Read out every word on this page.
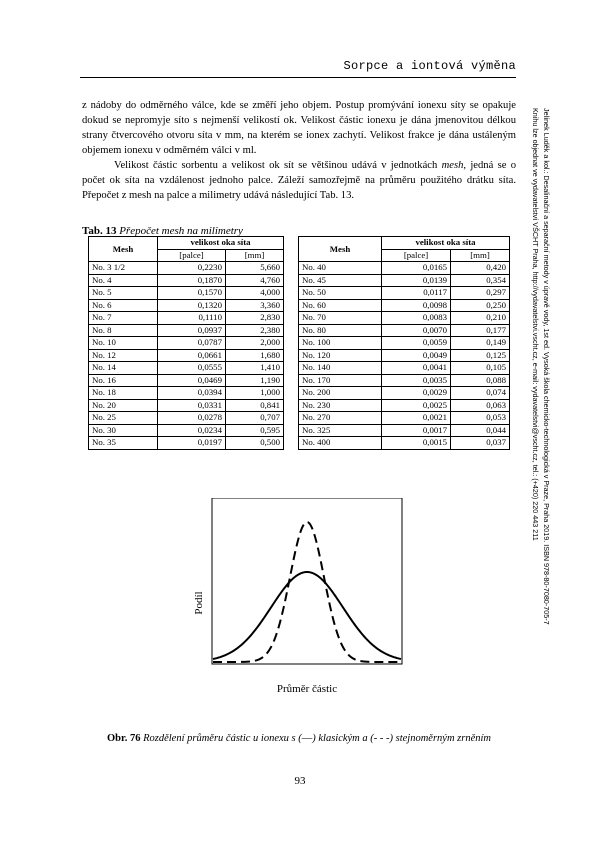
Sorpce a iontová výměna
Jelínek Luděk a kol.: Desalinační a separační metody v úpravě vody, 1st ed. Vysoká škola chemicko-technologická v Praze, Praha 2019. ISBN 978-80-7080-705-7
Knihu lze objednat ve vydavatelství VŠCHT Praha, http://vydavatelstvi.vscht.cz, e-mail: vydavatelstvi@vscht.cz, tel.: (+420) 220 443 211

z nádoby do odměrného válce, kde se změří jeho objem. Postup promývání ionexu síty se opakuje dokud se nepromyje síto s nejmenší velikostí ok. Velikost částic ionexu je dána jmenovitou délkou strany čtvercového otvoru síta v mm, na kterém se ionex zachytí. Velikost frakce je dána ustáleným objemem ionexu v odměrném válci v ml.

Velikost částic sorbentu a velikost ok sít se většinou udává v jednotkách mesh, jedná se o počet ok síta na vzdálenost jednoho palce. Záleží samozřejmě na průměru použitého drátku síta. Přepočet z mesh na palce a milimetry udává následující Tab. 13.

Tab. 13 Přepočet mesh na milimetry
Mesh	velikost oka síta	
	[palce]	[mm]
No. 3 1/2	0,2230	5,660
No. 4	0,1870	4,760
No. 5	0,1570	4,000
No. 6	0,1320	3,360
No. 7	0,1110	2,830
No. 8	0,0937	2,380
No. 10	0,0787	2,000
No. 12	0,0661	1,680
No. 14	0,0555	1,410
No. 16	0,0469	1,190
No. 18	0,0394	1,000
No. 20	0,0331	0,841
No. 25	0,0278	0,707
No. 30	0,0234	0,595
No. 35	0,0197	0,500
Mesh	velikost oka síta	
	[palce]	[mm]
No. 40	0,0165	0,420
No. 45	0,0139	0,354
No. 50	0,0117	0,297
No. 60	0,0098	0,250
No. 70	0,0083	0,210
No. 80	0,0070	0,177
No. 100	0,0059	0,149
No. 120	0,0049	0,125
No. 140	0,0041	0,105
No. 170	0,0035	0,088
No. 200	0,0029	0,074
No. 230	0,0025	0,063
No. 270	0,0021	0,053
No. 325	0,0017	0,044
No. 400	0,0015	0,037
Podíl
Průměr částic
Obr. 76 Rozdělení průměru částic u ionexu s (––) klasickým a (- - -) stejnoměrným zrněním
93
